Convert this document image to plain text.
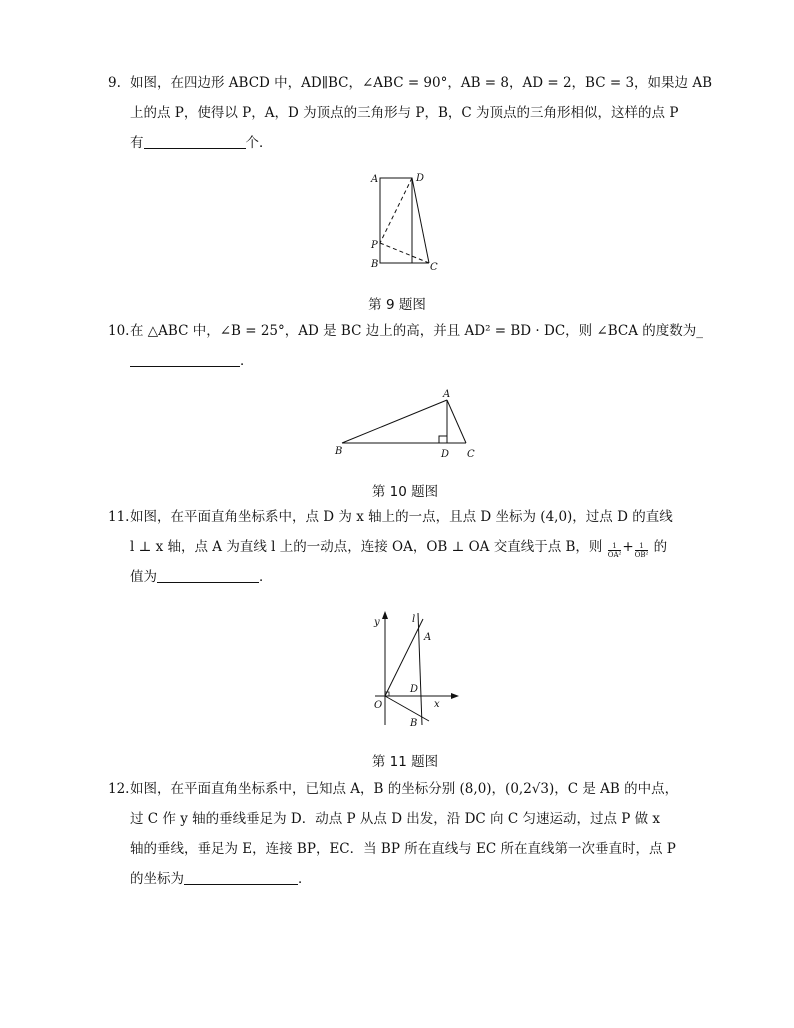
9. 如图，在四边形 ABCD 中，AD∥BC，∠ABC = 90°，AB = 8，AD = 2，BC = 3，如果边 AB
上的点 P，使得以 P，A，D 为顶点的三角形与 P，B，C 为顶点的三角形相似，这样的点 P
有	个．
A	D
P
B	C
第 9 题图
10.在 △ABC 中，∠B = 25°，AD 是 BC 边上的高，并且 AD² = BD · DC，则 ∠BCA 的度数为_
．
A
B	D C
第 10 题图
11.如图，在平面直角坐标系中，点 D 为 x 轴上的一点，且点 D 坐标为 (4,0)，过点 D 的直线
l ⊥ x 轴，点 A 为直线 l 上的一动点，连接 OA，OB ⊥ OA 交直线于点 B，则 $\frac{1}{\text{OA²}} + \frac{1}{\text{OB²}}$ 的
值为	．
y	l
A
D
O	x
B
第 11 题图
12.如图，在平面直角坐标系中，已知点 A，B 的坐标分别 (8,0)，(0,2√3)，C 是 AB 的中点，
过 C 作 y 轴的垂线垂足为 D．动点 P 从点 D 出发，沿 DC 向 C 匀速运动，过点 P 做 x
轴的垂线，垂足为 E，连接 BP，EC．当 BP 所在直线与 EC 所在直线第一次垂直时，点 P
的坐标为	．
